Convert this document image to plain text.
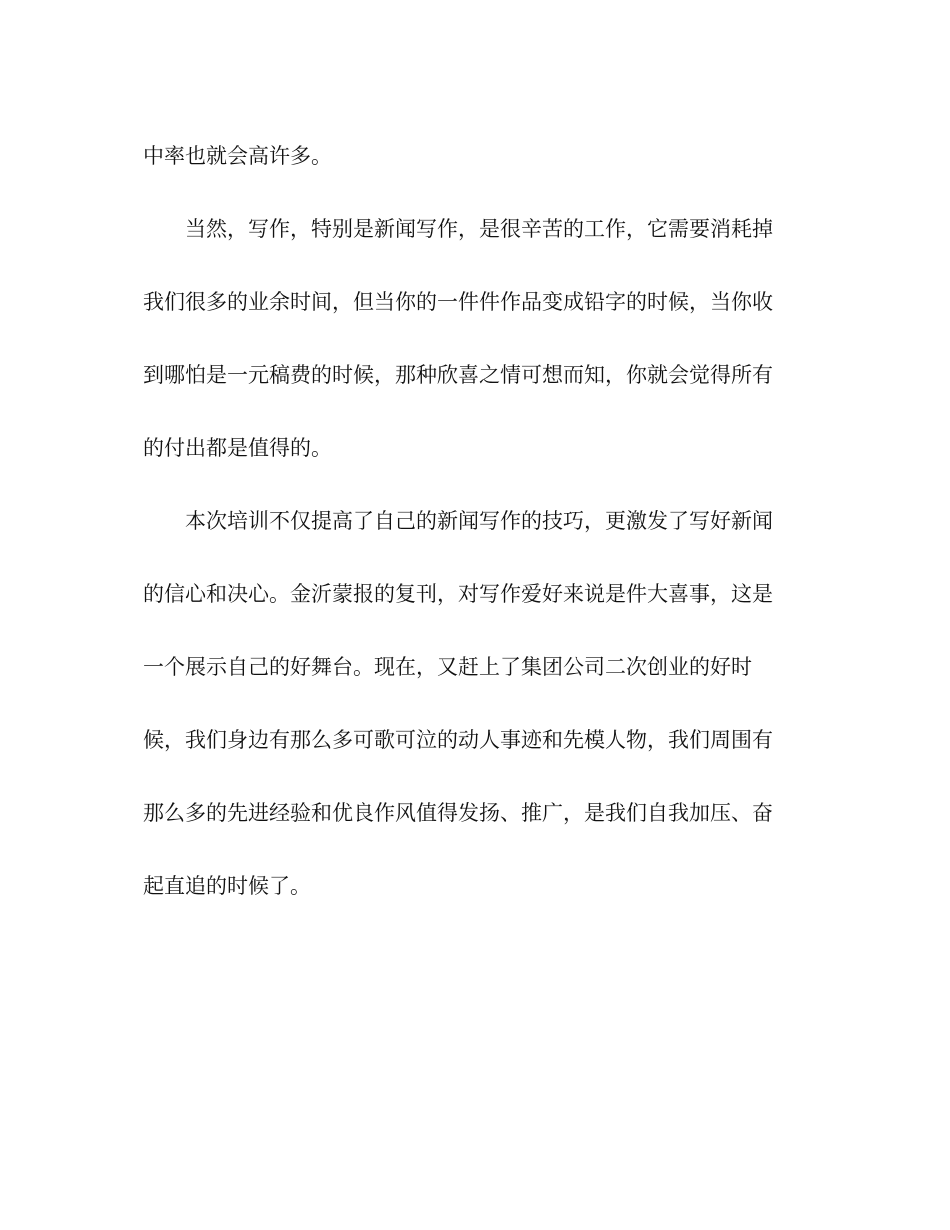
中率也就会高许多。
当然，写作，特别是新闻写作，是很辛苦的工作，它需要消耗掉
我们很多的业余时间，但当你的一件件作品变成铅字的时候，当你收
到哪怕是一元稿费的时候，那种欣喜之情可想而知，你就会觉得所有
的付出都是值得的。
本次培训不仅提高了自己的新闻写作的技巧，更激发了写好新闻
的信心和决心。金沂蒙报的复刊，对写作爱好来说是件大喜事，这是
一个展示自己的好舞台。现在，又赶上了集团公司二次创业的好时
候，我们身边有那么多可歌可泣的动人事迹和先模人物，我们周围有
那么多的先进经验和优良作风值得发扬、推广，是我们自我加压、奋
起直追的时候了。
